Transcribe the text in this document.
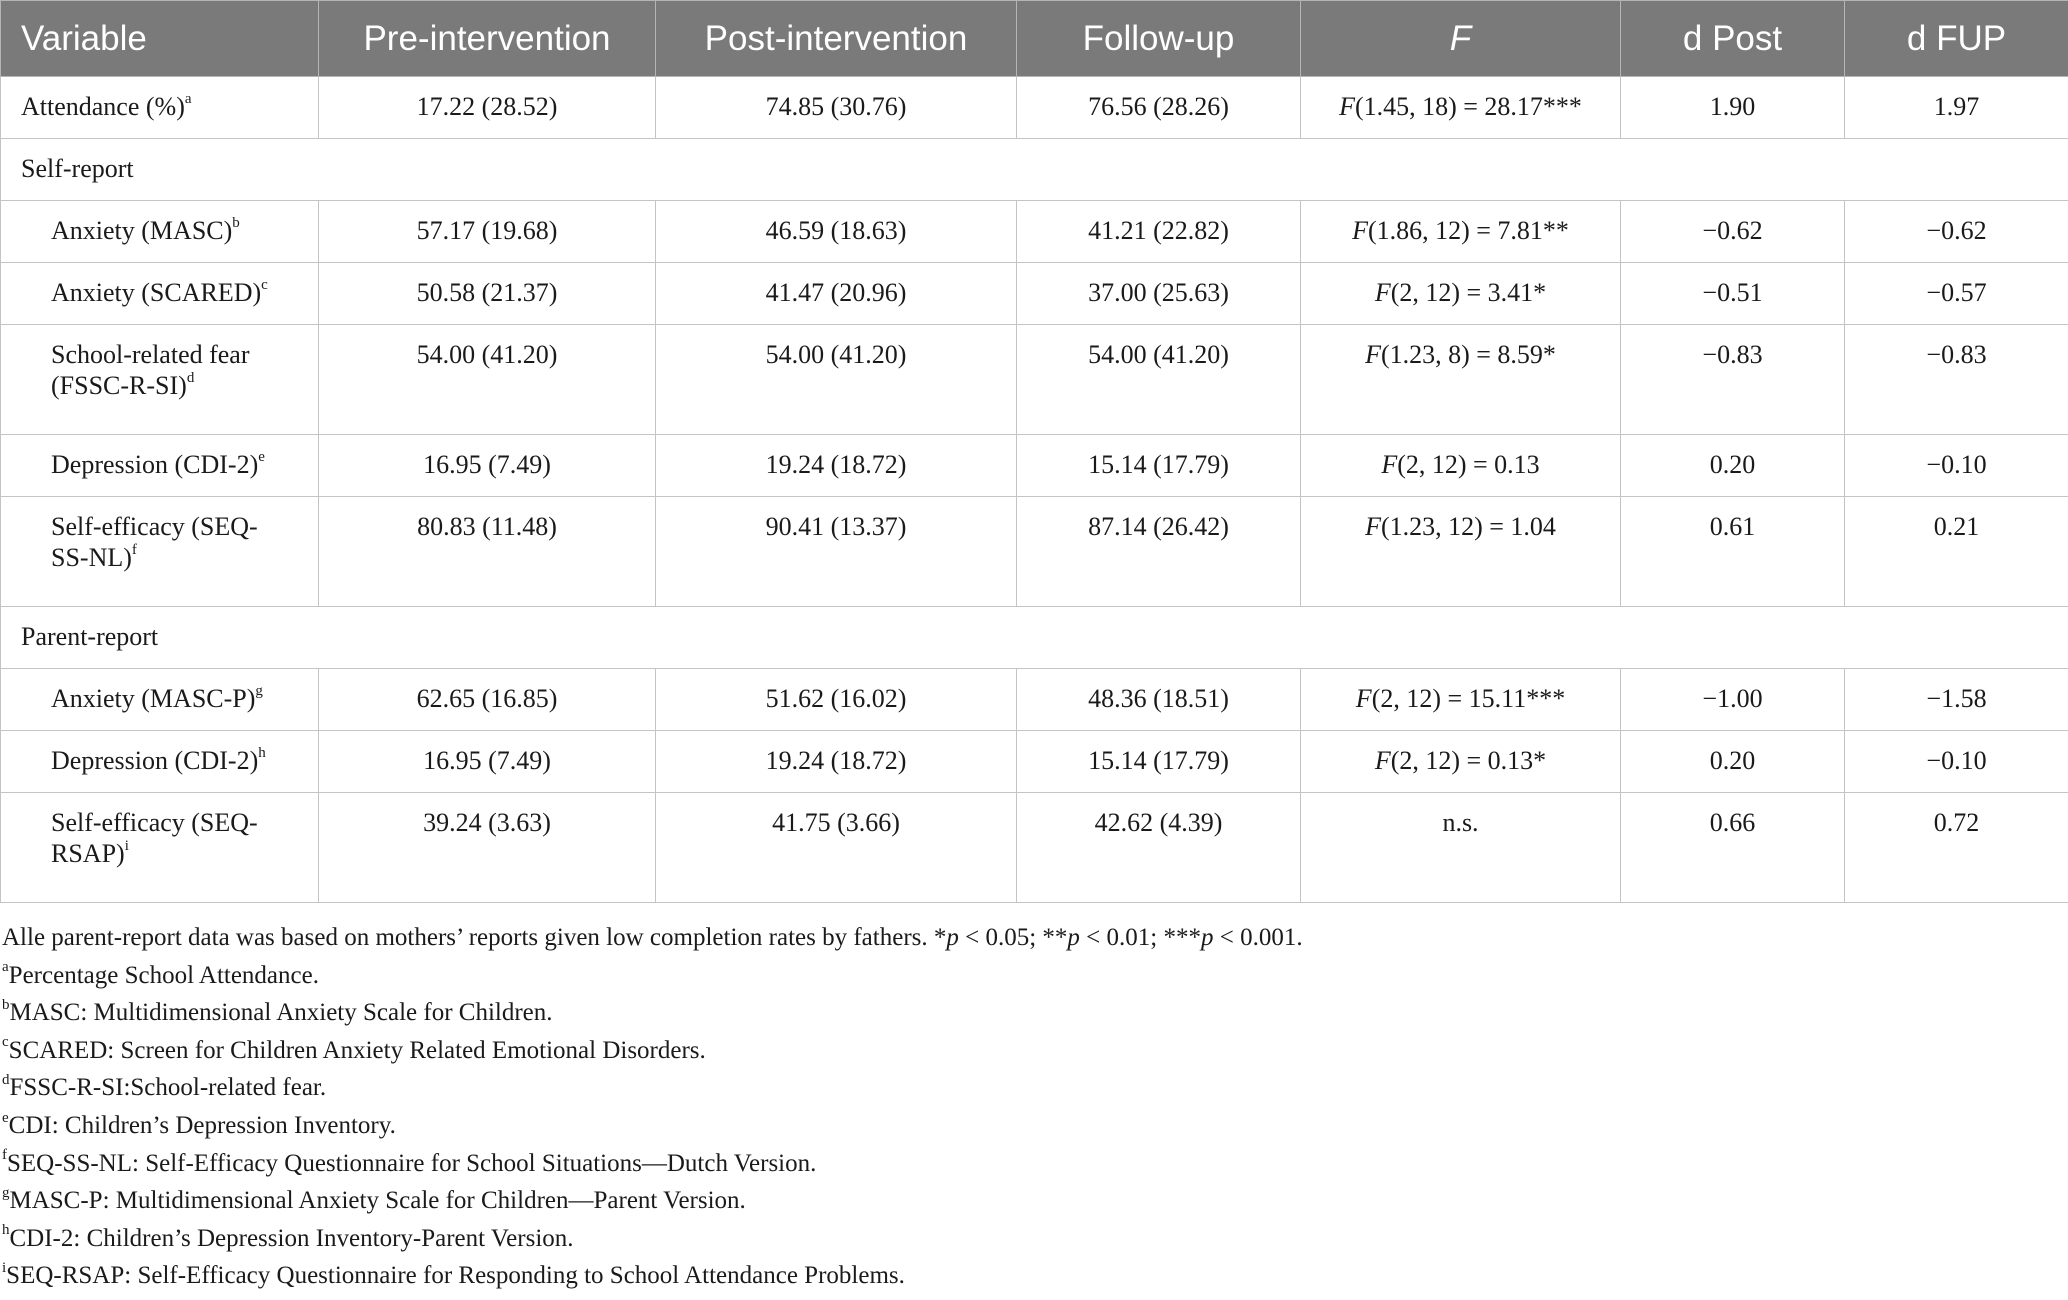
Variable	Pre-intervention	Post-intervention	Follow-up	F	d Post	d FUP
Attendance (%)$^a$	17.22 (28.52)	74.85 (30.76)	76.56 (28.26)	F(1.45, 18) = 28.17***	1.90	1.97
Self-report						
Anxiety (MASC)$^b$	57.17 (19.68)	46.59 (18.63)	41.21 (22.82)	F(1.86, 12) = 7.81**	−0.62	−0.62
Anxiety (SCARED)$^c$	50.58 (21.37)	41.47 (20.96)	37.00 (25.63)	F(2, 12) = 3.41*	−0.51	−0.57
School-related fear
(FSSC-R-SI)$^d$	54.00 (41.20)	54.00 (41.20)	54.00 (41.20)	F(1.23, 8) = 8.59*	−0.83	−0.83
Depression $(CDI-2)^e$	16.95 (7.49)	19.24 (18.72)	15.14 (17.79)	F(2, 12) = 0.13	0.20	−0.10
Self-efficacy (SEQ-
SS-NL)$^f$	80.83 (11.48)	90.41 (13.37)	87.14 (26.42)	F(1.23, 12) = 1.04	0.61	0.21
Parent-report						
Anxiety (MASC-P)$^g$	62.65 (16.85)	51.62 (16.02)	48.36 (18.51)	F(2, 12) = 15.11***	−1.00	−1.58
Depression $(CDI-2)^h$	16.95 (7.49)	19.24 (18.72)	15.14 (17.79)	F(2, 12) = 0.13*	0.20	−0.10
Self-efficacy (SEQ-
RSAP)$^i$	39.24 (3.63)	41.75 (3.66)	42.62 (4.39)	n.s.	0.66	0.72
Alle parent-report data was based on mothers’ reports given low completion rates by fathers. *p < 0.05; **p < 0.01; ***p < 0.001.
$^a$Percentage School Attendance.
$^b$MASC: Multidimensional Anxiety Scale for Children.
$^c$SCARED: Screen for Children Anxiety Related Emotional Disorders.
$^d$FSSC-R-SI:School-related fear.
$^e$CDI: Children’s Depression Inventory.
$^f$SEQ-SS-NL: Self-Efficacy Questionnaire for School Situations—Dutch Version.
$^g$MASC-P: Multidimensional Anxiety Scale for Children—Parent Version.
$^h$CDI-2: Children’s Depression Inventory-Parent Version.
$^i$SEQ-RSAP: Self-Efficacy Questionnaire for Responding to School Attendance Problems.
